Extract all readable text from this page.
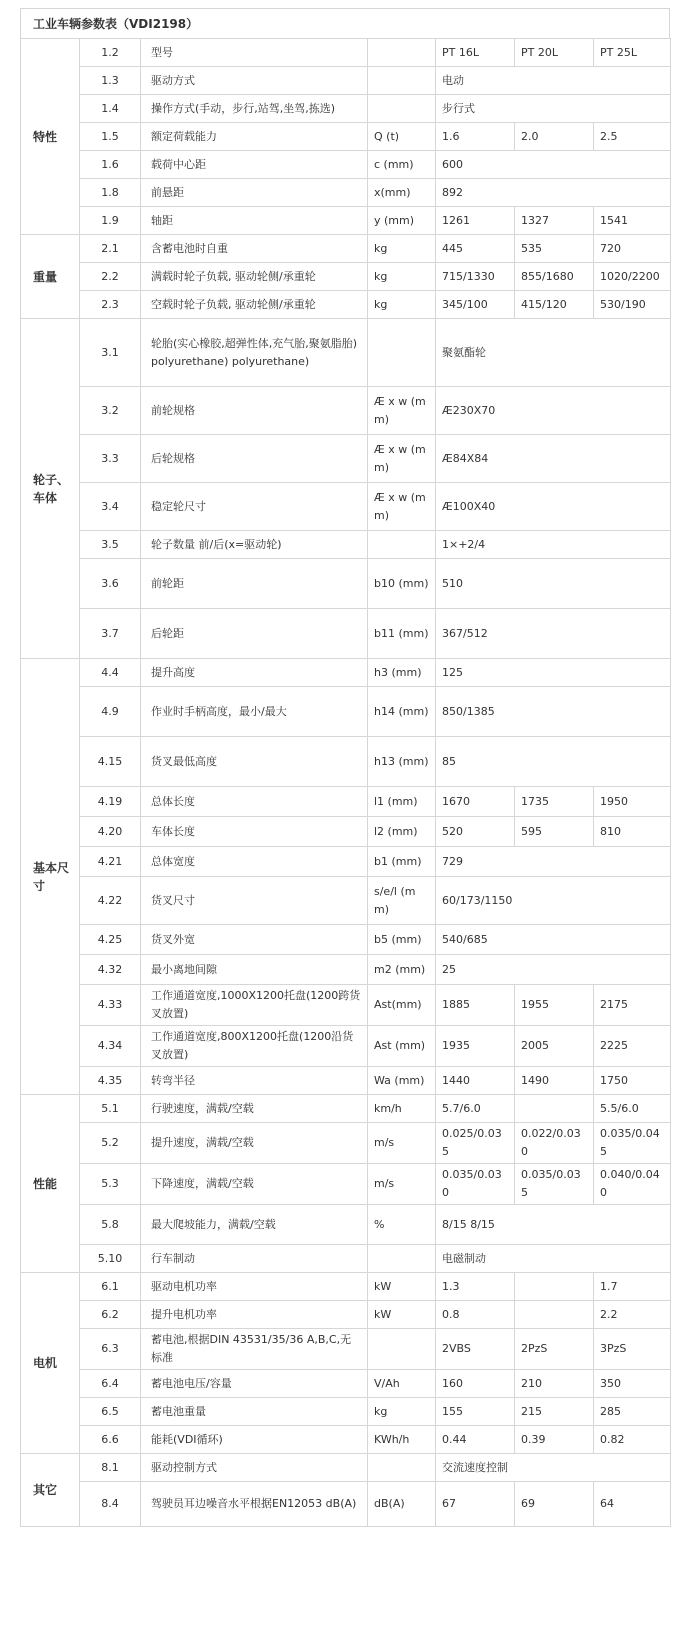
工业车辆参数表（VDI2198）
特性	1.2	型号		PT 16L	PT 20L	PT 25L
	1.3	驱动方式		电动		
	1.4	操作方式(手动，步行,站驾,坐驾,拣选)		步行式		
	1.5	额定荷载能力	Q (t)	1.6	2.0	2.5
	1.6	载荷中心距	c (mm)	600		
	1.8	前悬距	x(mm)	892		
	1.9	轴距	y (mm)	1261	1327	1541
重量	2.1	含蓄电池时自重	kg	445	535	720
	2.2	满载时轮子负载, 驱动轮侧/承重轮	kg	715/1330	855/1680	1020/2200
	2.3	空载时轮子负载, 驱动轮侧/承重轮	kg	345/100	415/120	530/190
轮子、车体	3.1	轮胎(实心橡胶,超弹性体,充气胎,聚氨脂胎) polyurethane) polyurethane)		聚氨酯轮		
	3.2	前轮规格	Æ x w (mm)	Æ230X70		
	3.3	后轮规格	Æ x w (mm)	Æ84X84		
	3.4	稳定轮尺寸	Æ x w (mm)	Æ100X40		
	3.5	轮子数量 前/后(x=驱动轮)		1×+2/4		
	3.6	前轮距	b10 (mm)	510		
	3.7	后轮距	b11 (mm)	367/512		
基本尺寸	4.4	提升高度	h3 (mm)	125		
	4.9	作业时手柄高度，最小/最大	h14 (mm)	850/1385		
	4.15	货叉最低高度	h13 (mm)	85		
	4.19	总体长度	l1 (mm)	1670	1735	1950
	4.20	车体长度	l2 (mm)	520	595	810
	4.21	总体宽度	b1 (mm)	729		
	4.22	货叉尺寸	s/e/l (mm)	60/173/1150		
	4.25	货叉外宽	b5 (mm)	540/685		
	4.32	最小离地间隙	m2 (mm)	25		
	4.33	工作通道宽度,1000X1200托盘(1200跨货叉放置)	Ast(mm)	1885	1955	2175
	4.34	工作通道宽度,800X1200托盘(1200沿货叉放置)	Ast (mm)	1935	2005	2225
	4.35	转弯半径	Wa (mm)	1440	1490	1750
性能	5.1	行驶速度，满载/空载	km/h	5.7/6.0		5.5/6.0
	5.2	提升速度，满载/空载	m/s	0.025/0.035	0.022/0.030	0.035/0.045
	5.3	下降速度，满载/空载	m/s	0.035/0.030	0.035/0.035	0.040/0.040
	5.8	最大爬坡能力，满载/空载	%	8/15 8/15		
	5.10	行车制动		电磁制动		
电机	6.1	驱动电机功率	kW	1.3		1.7
	6.2	提升电机功率	kW	0.8		2.2
	6.3	蓄电池,根据DIN 43531/35/36 A,B,C,无标准		2VBS	2PzS	3PzS
	6.4	蓄电池电压/容量	V/Ah	160	210	350
	6.5	蓄电池重量	kg	155	215	285
	6.6	能耗(VDI循环)	KWh/h	0.44	0.39	0.82
其它	8.1	驱动控制方式		交流速度控制		
	8.4	驾驶员耳边噪音水平根据EN12053 dB(A)	dB(A)	67	69	64
